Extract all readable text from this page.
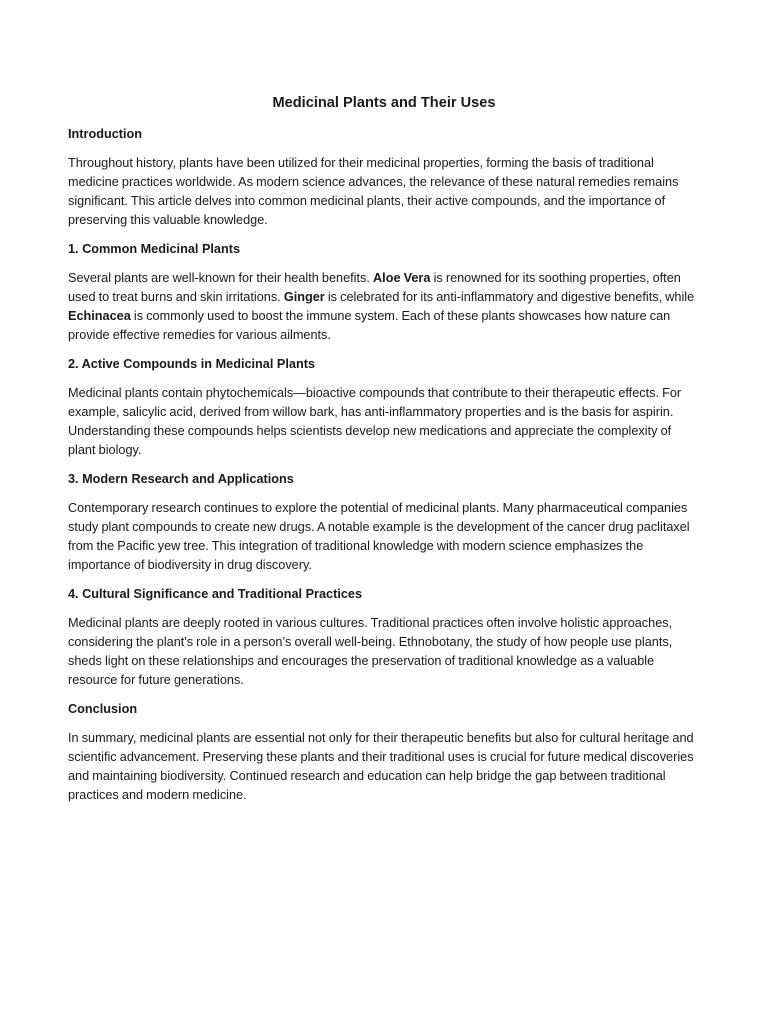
Medicinal Plants and Their Uses
Introduction

Throughout history, plants have been utilized for their medicinal properties, forming the basis of traditional medicine practices worldwide. As modern science advances, the relevance of these natural remedies remains significant. This article delves into common medicinal plants, their active compounds, and the importance of preserving this valuable knowledge.

1. Common Medicinal Plants

Several plants are well-known for their health benefits. Aloe Vera is renowned for its soothing properties, often used to treat burns and skin irritations. Ginger is celebrated for its anti-inflammatory and digestive benefits, while Echinacea is commonly used to boost the immune system. Each of these plants showcases how nature can provide effective remedies for various ailments.

2. Active Compounds in Medicinal Plants

Medicinal plants contain phytochemicals—bioactive compounds that contribute to their therapeutic effects. For example, salicylic acid, derived from willow bark, has anti-inflammatory properties and is the basis for aspirin. Understanding these compounds helps scientists develop new medications and appreciate the complexity of plant biology.

3. Modern Research and Applications

Contemporary research continues to explore the potential of medicinal plants. Many pharmaceutical companies study plant compounds to create new drugs. A notable example is the development of the cancer drug paclitaxel from the Pacific yew tree. This integration of traditional knowledge with modern science emphasizes the importance of biodiversity in drug discovery.

4. Cultural Significance and Traditional Practices

Medicinal plants are deeply rooted in various cultures. Traditional practices often involve holistic approaches, considering the plant's role in a person’s overall well-being. Ethnobotany, the study of how people use plants, sheds light on these relationships and encourages the preservation of traditional knowledge as a valuable resource for future generations.

Conclusion

In summary, medicinal plants are essential not only for their therapeutic benefits but also for cultural heritage and scientific advancement. Preserving these plants and their traditional uses is crucial for future medical discoveries and maintaining biodiversity. Continued research and education can help bridge the gap between traditional practices and modern medicine.
